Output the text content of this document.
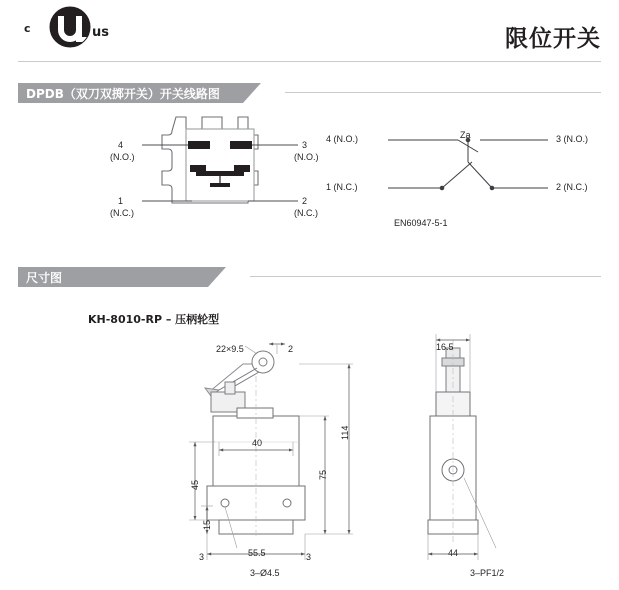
c	us	限位开关
DPDB（双刀双掷开关）开关线路图
4
(N.O.)
3
(N.O.)
1
(N.C.)
2
(N.C.)
4 (N.O.)	3 (N.O.)
1 (N.C.)	2 (N.C.)
Za
EN60947-5-1
尺寸图
KH-8010-RP – 压柄轮型
22×9.5	2
40
114
75
45
15
55.5
3	3
3–Ø4.5
16.5
44
3–PF1/2
